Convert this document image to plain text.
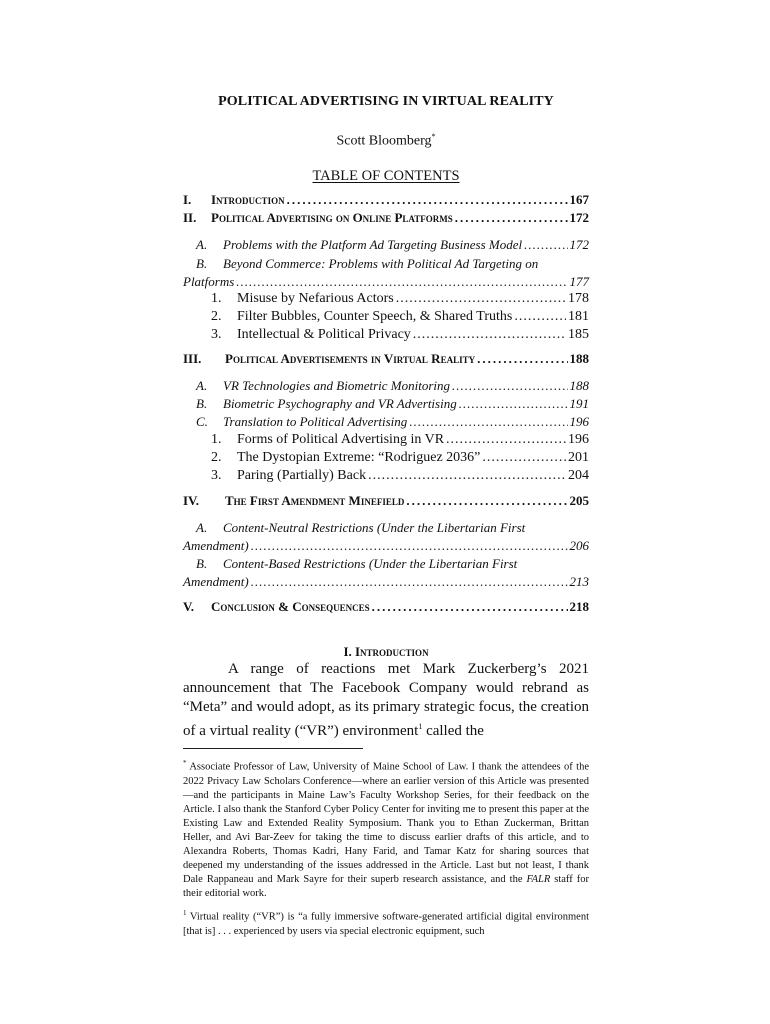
POLITICAL ADVERTISING IN VIRTUAL REALITY
Scott Bloomberg*
TABLE OF CONTENTS
I. Introduction .....	167
II. Political Advertising on Online Platforms .....	172
A. Problems with the Platform Ad Targeting Business Model .....	172
B. Beyond Commerce: Problems with Political Ad Targeting on
Platforms .....	177
1. Misuse by Nefarious Actors .....	178
2. Filter Bubbles, Counter Speech, & Shared Truths .....	181
3. Intellectual & Political Privacy .....	185
III. Political Advertisements in Virtual Reality .....	188
A. VR Technologies and Biometric Monitoring .....	188
B. Biometric Psychography and VR Advertising .....	191
C. Translation to Political Advertising .....	196
1. Forms of Political Advertising in VR .....	196
2. The Dystopian Extreme: “Rodriguez 2036” .....	201
3. Paring (Partially) Back .....	204
IV. The First Amendment Minefield .....	205
A. Content-Neutral Restrictions (Under the Libertarian First
Amendment) .....	206
B. Content-Based Restrictions (Under the Libertarian First
Amendment) .....	213
V. Conclusion & Consequences .....	218
I. Introduction

A range of reactions met Mark Zuckerberg’s 2021 announcement that The Facebook Company would rebrand as “Meta” and would adopt, as its primary strategic focus, the creation of a virtual reality (“VR”) environment$^1$ called the

* Associate Professor of Law, University of Maine School of Law. I thank the attendees of the 2022 Privacy Law Scholars Conference—where an earlier version of this Article was presented—and the participants in Maine Law’s Faculty Workshop Series, for their feedback on the Article. I also thank the Stanford Cyber Policy Center for inviting me to present this paper at the Existing Law and Extended Reality Symposium. Thank you to Ethan Zuckerman, Brittan Heller, and Avi Bar-Zeev for taking the time to discuss earlier drafts of this article, and to Alexandra Roberts, Thomas Kadri, Hany Farid, and Tamar Katz for sharing sources that deepened my understanding of the issues addressed in the Article. Last but not least, I thank Dale Rappaneau and Mark Sayre for their superb research assistance, and the FALR staff for their editorial work.
$^1$ Virtual reality (“VR”) is “a fully immersive software-generated artificial digital environment [that is] . . . experienced by users via special electronic equipment, such
